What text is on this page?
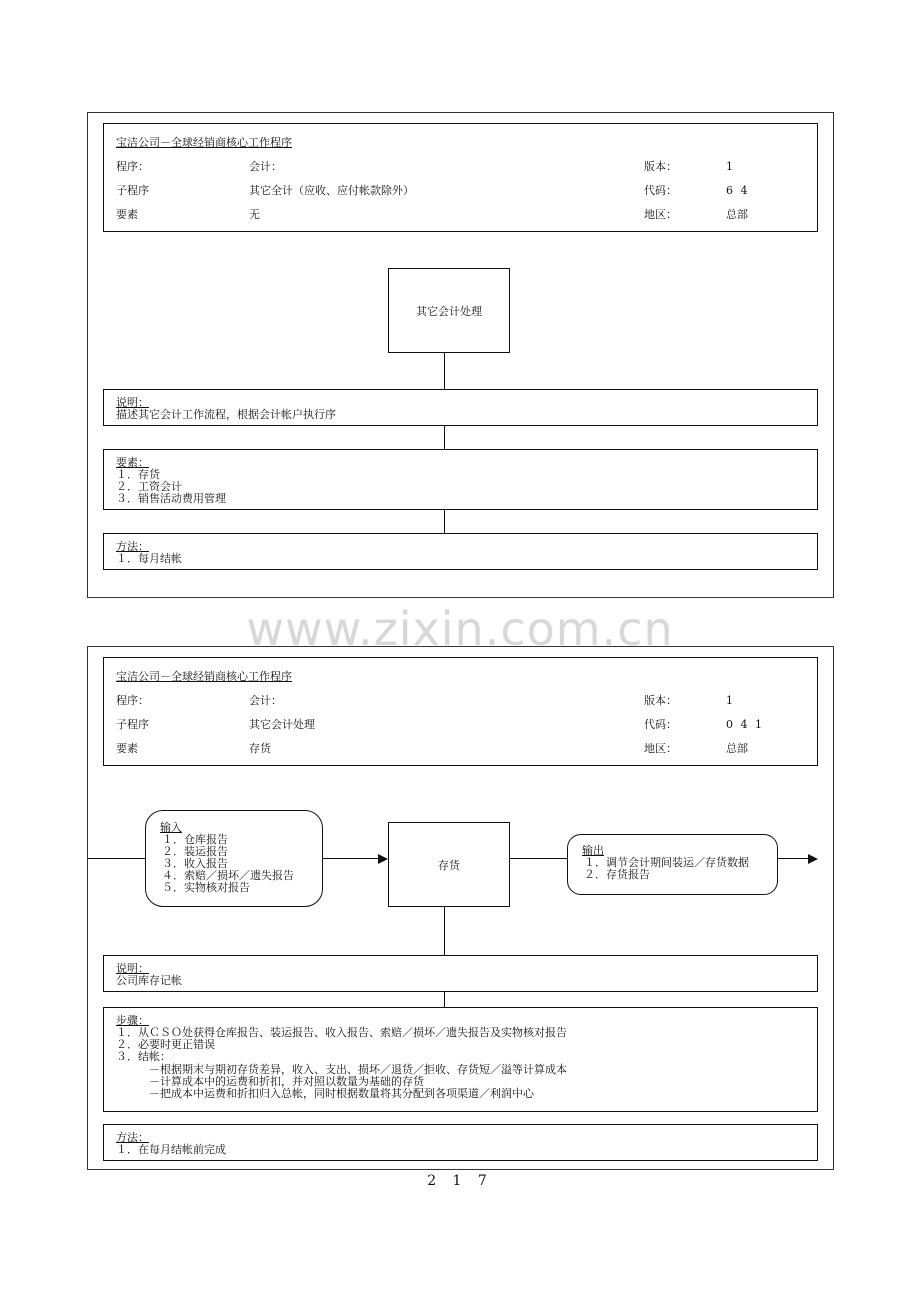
宝洁公司－全球经销商核心工作程序
程序：	会计：	版本：	1
子程序	其它全计（应收、应付帐款除外）	代码：	6 4
要素	无	地区：	总部
其它会计处理
说明：
描述其它会计工作流程，根据会计帐户执行序
要素：
１．存货
２．工资会计
３．销售活动费用管理
方法：
１．每月结帐
www.zixin.com.cn
宝洁公司－全球经销商核心工作程序
程序：	会计：	版本：	1
子程序	其它会计处理	代码：	0 4 1
要素	存货	地区：	总部
输入
１．仓库报告
２．装运报告
３．收入报告
４．索赔／损坏／遗失报告
５．实物核对报告
存货
输出
１．调节会计期间装运／存货数据
２．存货报告
说明：
公司库存记帐
步骤：
１．从ＣＳＯ处获得仓库报告、装运报告、收入报告、索赔／损坏／遗失报告及实物核对报告
２．必要时更正错误
３．结帐：
　　　－根据期末与期初存货差异，收入、支出、损坏／退货／拒收、存货短／溢等计算成本
　　　－计算成本中的运费和折扣，并对照以数量为基础的存货
　　　－把成本中运费和折扣归入总帐，同时根据数量将其分配到各项渠道／利润中心
方法：
１．在每月结帐前完成
2 1 7
